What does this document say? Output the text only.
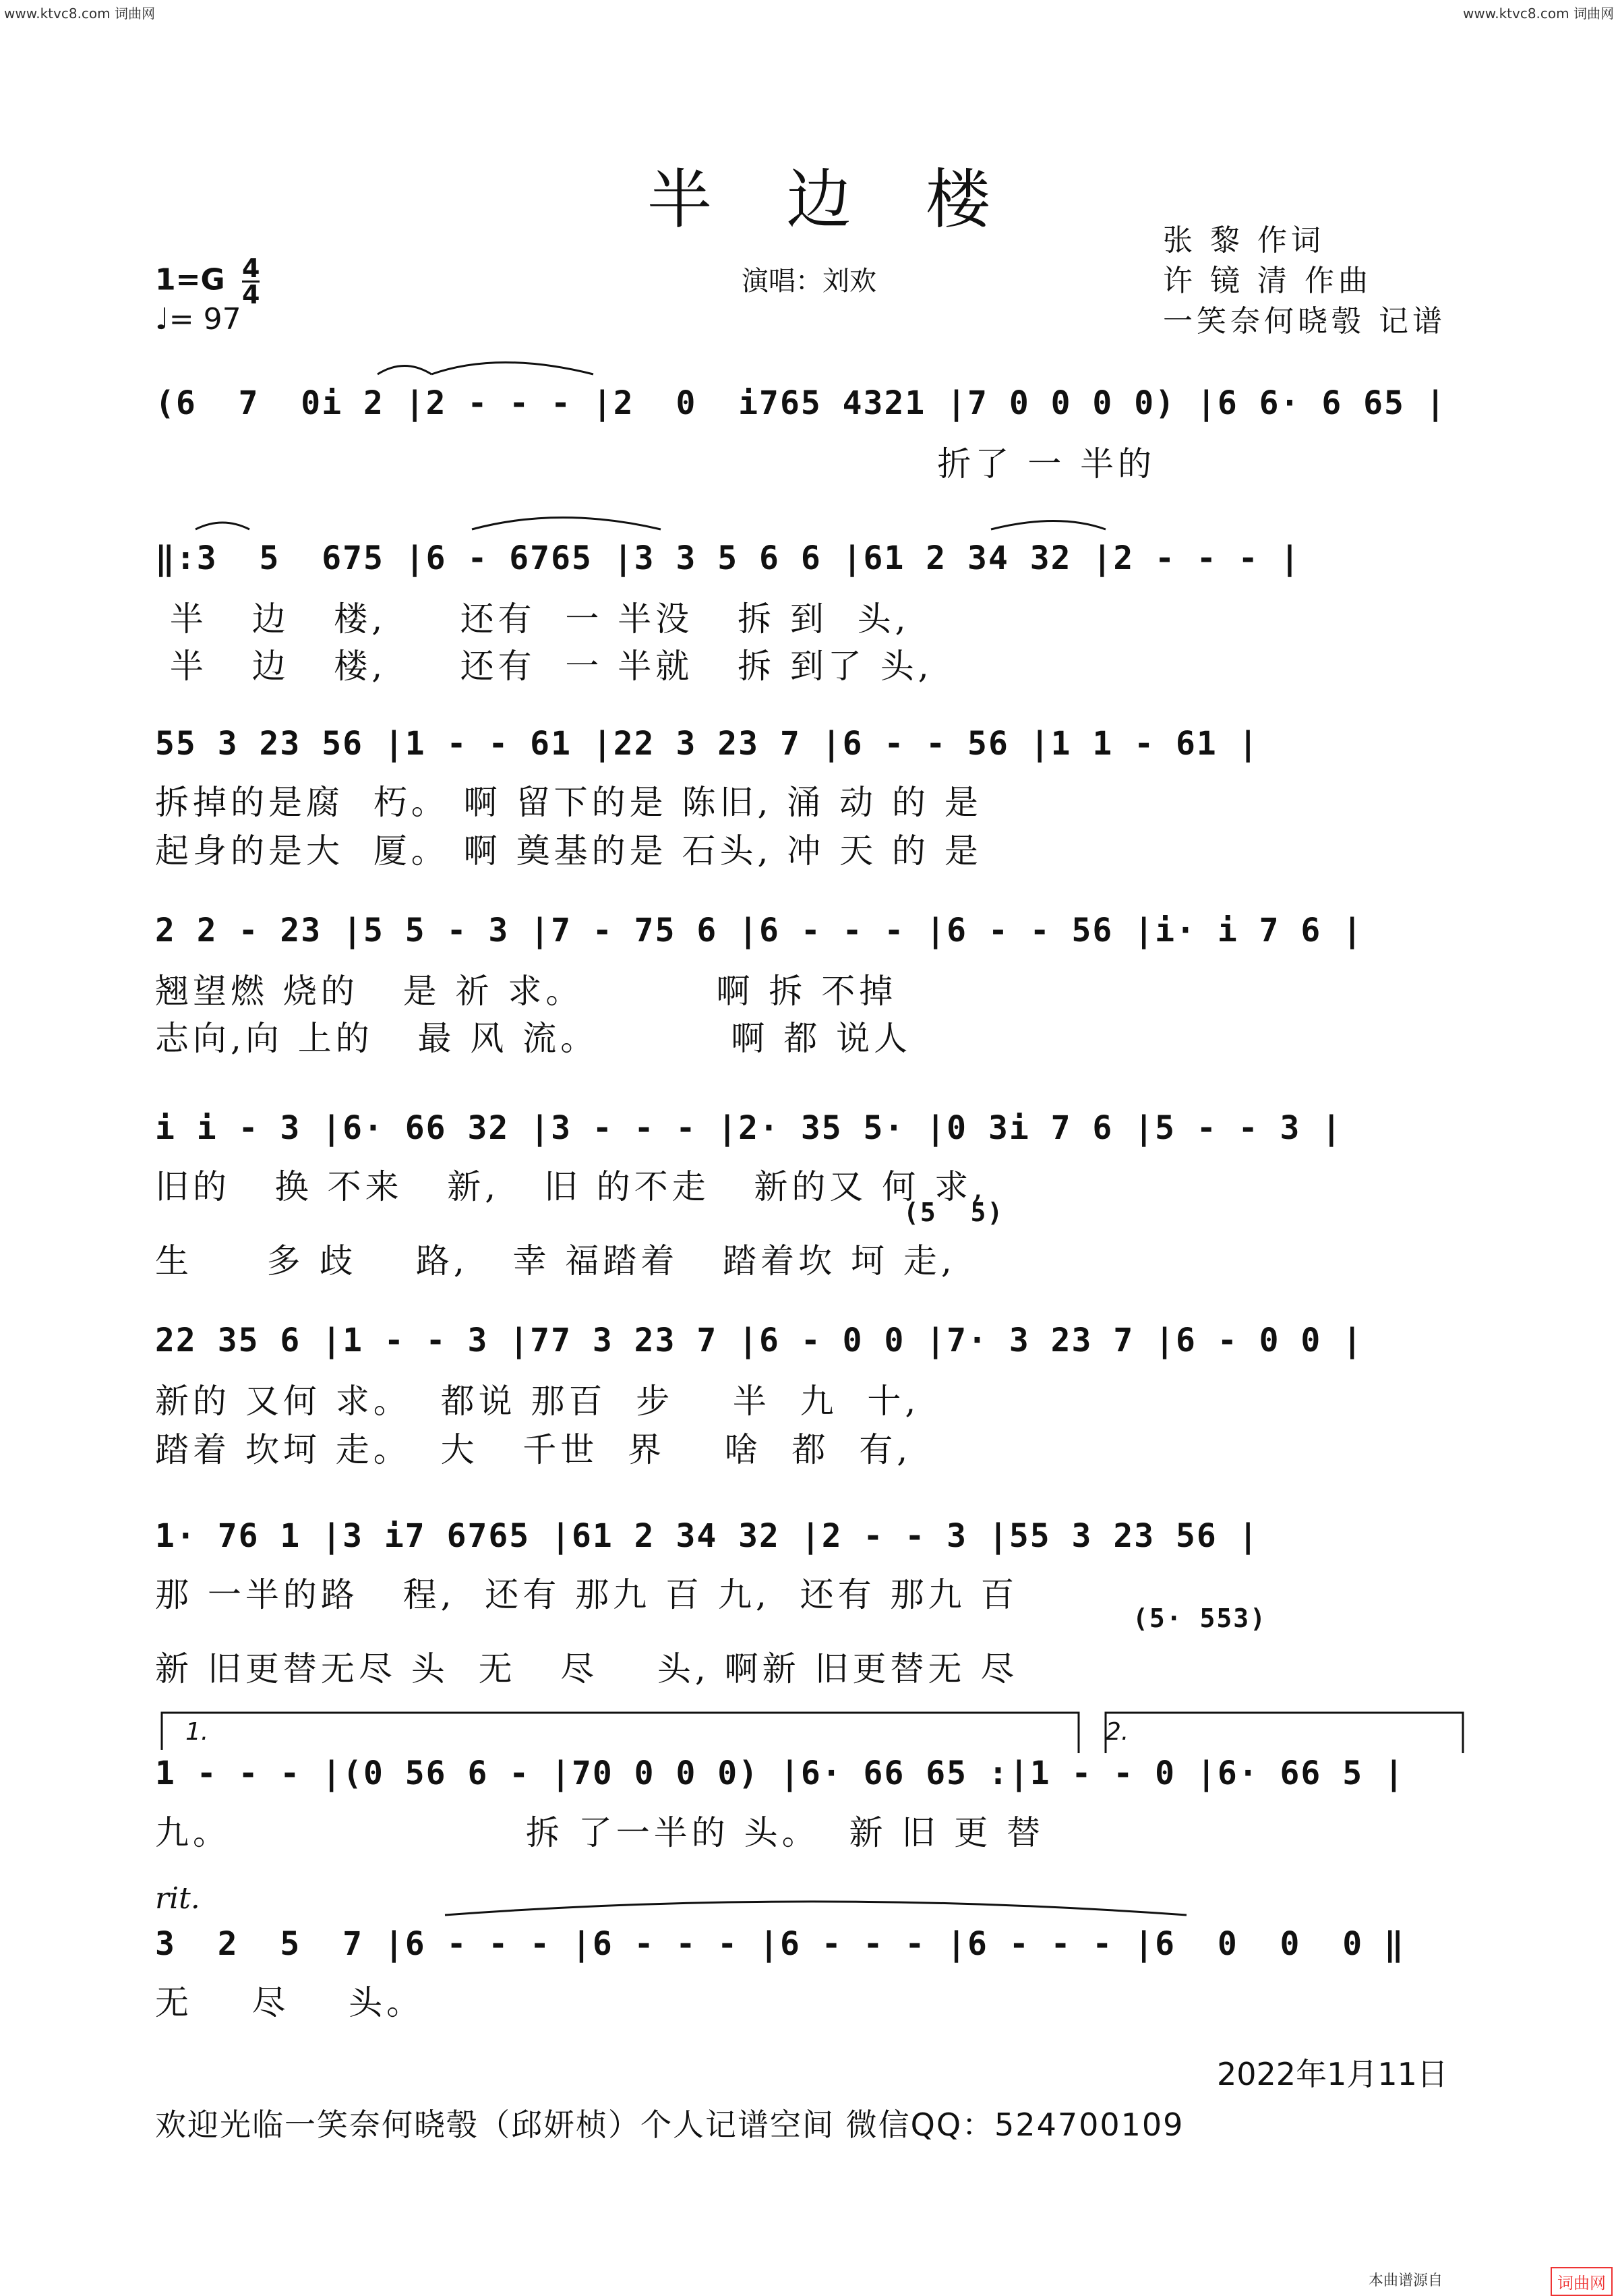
www.ktvc8.com 词曲网	www.ktvc8.com 词曲网
半 边 楼
$1=G \frac{4}{4}$
♩= 97
演唱：刘欢
张 黎 作词
许 镜 清 作曲
一笑奈何晓彀 记谱
(6  7  0i 2 |2 - - - |2  0  i765 4321 |7 0 0 0 0) |6 6· 6 65 |
折了 一 半的
‖:3  5  675 |6 - 6765 |3 3 5 6 6 |61 2 34 32 |2 - - - |
半   边   楼,     还有  一 半没   拆 到  头,
半   边   楼,     还有  一 半就   拆 到了 头,
55 3 23 56 |1 - - 61 |22 3 23 7 |6 - - 56 |1 1 - 61 |
拆掉的是腐  朽。 啊 留下的是 陈旧, 涌 动 的 是
起身的是大  厦。 啊 奠基的是 石头, 冲 天 的 是
2 2 - 23 |5 5 - 3 |7 - 75 6 |6 - - - |6 - - 56 |i· i 7 6 |
翘望燃 烧的   是 祈 求。         啊 拆 不掉
志向,向 上的   最 风 流。         啊 都 说人
i i - 3 |6· 66 32 |3 - - - |2· 35 5· |0 3i 7 6 |5 - - 3 |
旧的   换 不来   新,   旧 的不走   新的又 何 求,
(5  5)
生     多 歧    路,   幸 福踏着   踏着坎 坷 走,
22 35 6 |1 - - 3 |77 3 23 7 |6 - 0 0 |7· 3 23 7 |6 - 0 0 |
新的 又何 求。  都说 那百  步    半  九  十,
踏着 坎坷 走。  大   千世  界    啥  都  有,
1· 76 1 |3 i7 6765 |61 2 34 32 |2 - - 3 |55 3 23 56 |
那 一半的路   程,  还有 那九 百 九,  还有 那九 百
(5· 553)
新 旧更替无尽 头  无   尽    头, 啊新 旧更替无 尽
1.	2.
1 - - - |(0 56 6 - |70 0 0 0) |6· 66 65 :|1 - - 0 |6· 66 5 |
九。                    拆 了一半的 头。  新 旧 更 替
rit.
3  2  5  7 |6 - - - |6 - - - |6 - - - |6 - - - |6  0  0  0 ‖
无    尽    头。
2022年1月11日
欢迎光临一笑奈何晓彀（邱妍桢）个人记谱空间 微信QQ：524700109
本曲谱源自	词曲网
